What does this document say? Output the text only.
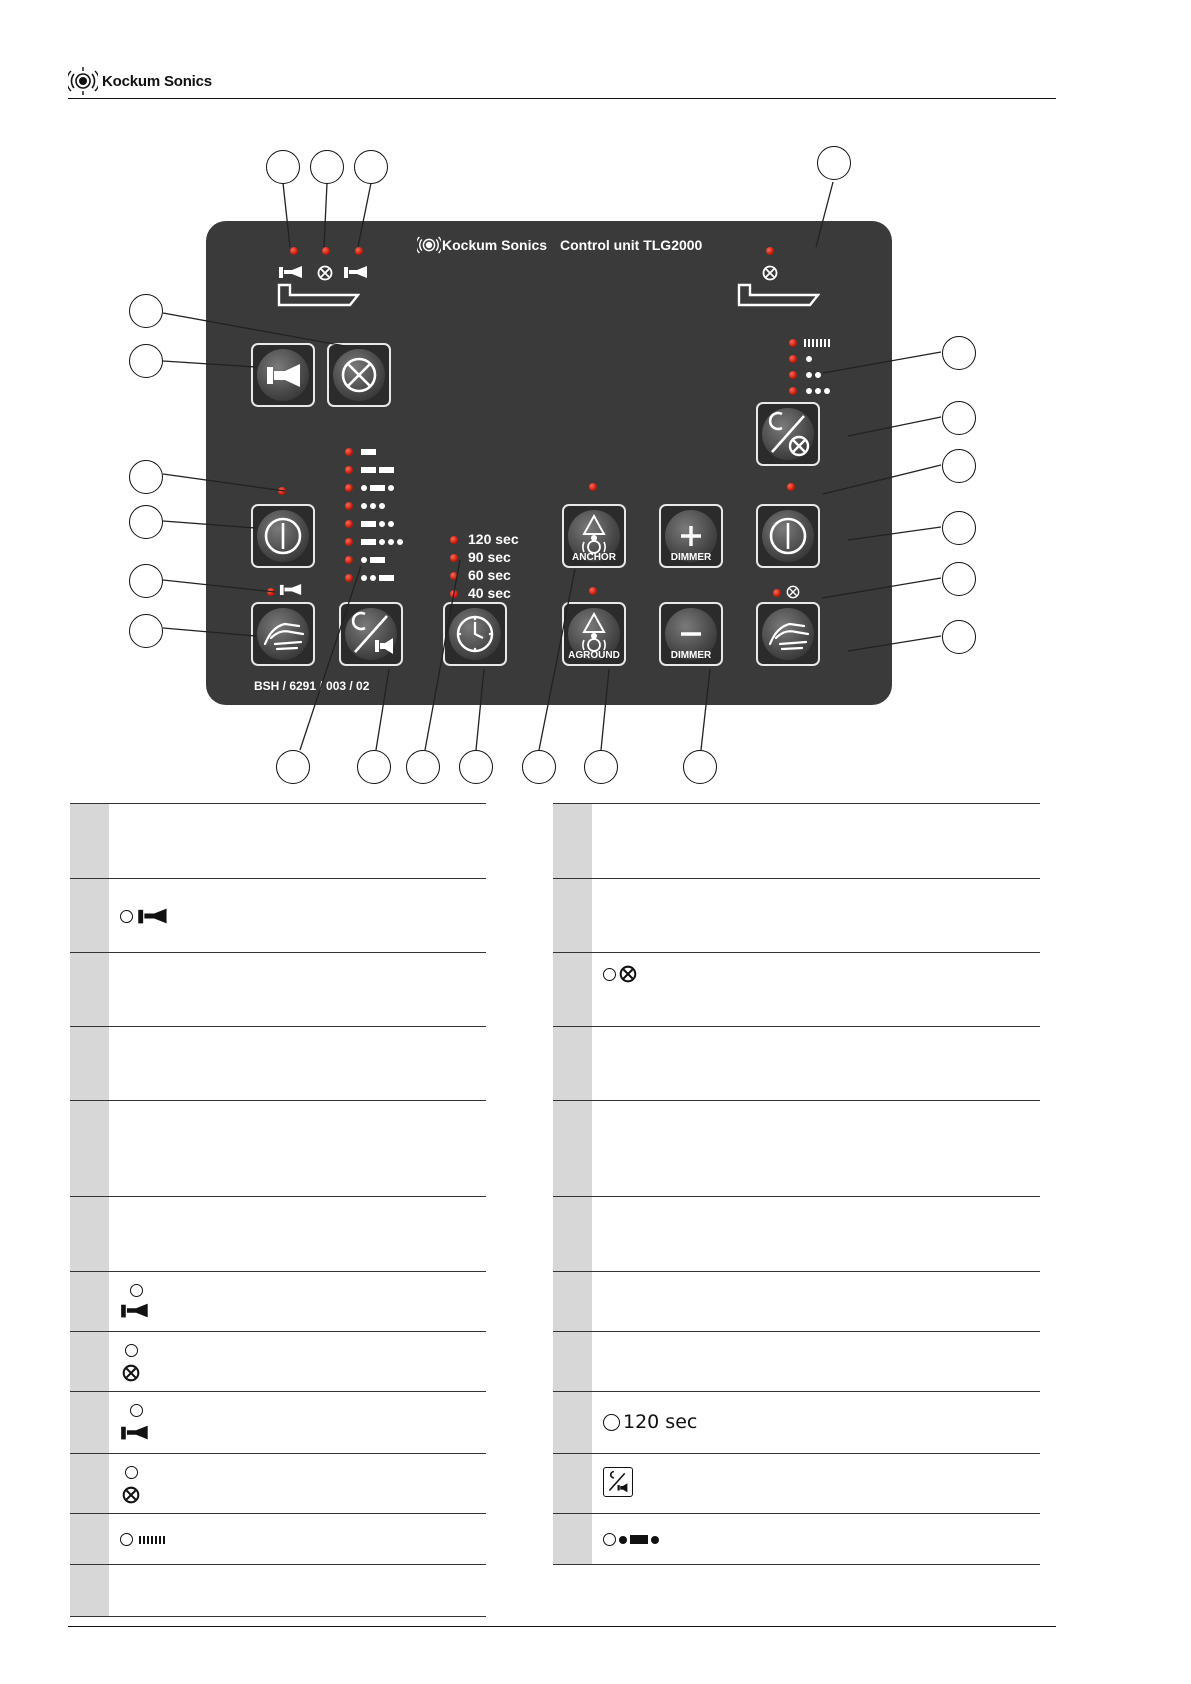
Kockum Sonics
Kockum Sonics Control unit TLG2000
120 sec
90 sec
60 sec
40 sec
ANCHOR	DIMMER
AGROUND	DIMMER
BSH / 6291 / 003 / 02
120 sec
